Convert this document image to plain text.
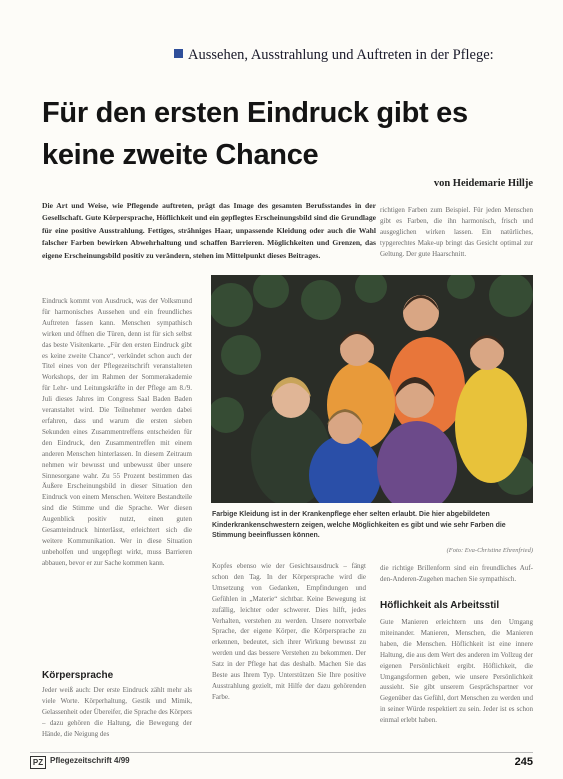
Aussehen, Ausstrahlung und Auftreten in der Pflege:
Für den ersten Eindruck gibt es keine zweite Chance
von Heidemarie Hillje
Die Art und Weise, wie Pflegende auftreten, prägt das Image des gesamten Berufsstandes in der Gesellschaft. Gute Körpersprache, Höflichkeit und ein gepflegtes Erscheinungsbild sind die Grundlage für eine positive Ausstrahlung. Fettiges, strähniges Haar, unpassende Kleidung oder auch die Wahl falscher Farben bewirken Abwehrhaltung und schaffen Barrieren. Möglichkeiten und Grenzen, das eigene Erscheinungsbild positiv zu verändern, stehen im Mittelpunkt dieses Beitrages.
Eindruck kommt von Ausdruck, was der Volksmund für harmonisches Aussehen und ein freundliches Auftreten fassen kann. Menschen sympathisch wirken und öffnen die Türen, denn ist für sich selbst das beste Visitenkarte. „Für den ersten Eindruck gibt es keine zweite Chance“, verkündet schon auch der Titel eines von der Pflegezeitschrift veranstalteten Workshops, der im Rahmen der Sommerakademie für Lehr- und Leitungskräfte in der Pflege am 8./9. Juli dieses Jahres im Congress Saal Baden Baden veranstaltet wird. Die Teilnehmer werden dabei erfahren, dass und warum die ersten sieben Sekunden eines Zusammentreffens entscheiden für den Eindruck, den Zusammentreffen mit einem anderen Menschen hinterlassen. In diesem Zeitraum nehmen wir bewusst und unbewusst über unsere Sinnesorgane wahr. Zu 55 Prozent bestimmen das Äußere Erscheinungsbild in dieser Situation den Eindruck von einem Menschen. Weitere Bestandteile sind die Stimme und die Sprache. Wer diesen Augenblick positiv nutzt, einen guten Gesamteindruck hinterlässt, erleichtert sich die weitere Kommunikation. Wer in diese Situation unbeholfen und ungepflegt wirkt, muss Barrieren abbauen, bevor er zur Sache kommen kann.
Körpersprache
Jeder weiß auch: Der erste Eindruck zählt mehr als viele Worte. Körperhaltung, Gestik und Mimik, Gelassenheit oder Übereifer, die Sprache des Körpers – dazu gehören die Haltung, die Bewegung der Hände, die Neigung des
Kopfes ebenso wie der Gesichtsausdruck – fängt schon den Tag. In der Körpersprache wird die Umsetzung von Gedanken, Empfindungen und Gefühlen in „Materie“ sichtbar. Keine Bewegung ist zufällig, leichter oder schwerer. Dies hilft, jedes Verhalten, verstehen zu werden. Unsere nonverbale Sprache, der eigene Körper, die Körpersprache zu erkennen, bedeutet, sich ihrer Wirkung bewusst zu werden und das bessere Verstehen zu bekommen. Der Satz in der Pflege hat das deshalb. Machen Sie das Beste aus Ihrem Typ. Unterstützen Sie Ihre positive Ausstrahlung gezielt, mit Hilfe der dazu gehörenden Farbe.
richtigen Farben zum Beispiel. Für jeden Menschen gibt es Farben, die ihn harmonisch, frisch und ausgeglichen wirken lassen. Ein natürliches, typgerechtes Make-up bringt das Gesicht optimal zur Geltung. Der gute Haarschnitt.
die richtige Brillenform sind ein freundliches Auf-den-Anderen-Zugehen machen Sie sympathisch.
Höflichkeit als Arbeitsstil
Gute Manieren erleichtern uns den Umgang miteinander. Manieren, Menschen, die Manieren haben, die Menschen. Höflichkeit ist eine innere Haltung, die aus dem Wert des anderen im Vollzug der eigenen Persönlichkeit ergibt. Höflichkeit, die Umgangsformen geben, wie unsere Persönlichkeit aussieht. Sie gibt unserem Gesprächspartner vor Gegenüber das Gefühl, dort Menschen zu werden und in seiner Würde respektiert zu sein. Jeder ist es schon einmal erlebt haben.
Farbige Kleidung ist in der Krankenpflege eher selten erlaubt. Die hier abgebildeten Kinderkrankenschwestern zeigen, welche Möglichkeiten es gibt und wie sehr Farben die Stimmung beeinflussen können.
(Foto: Eva-Christine Ehrenfried)
PZ Pflegezeitschrift 4/99	245
